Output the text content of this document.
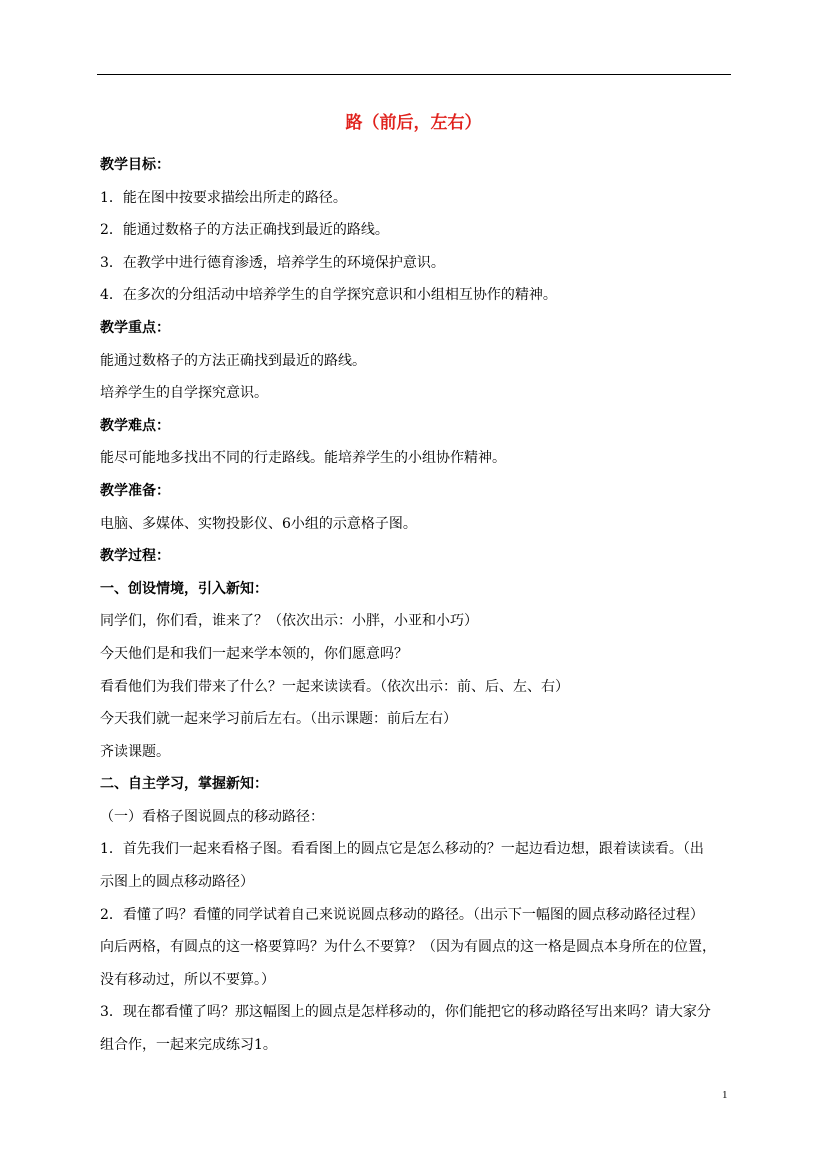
路（前后，左右）
教学目标：
1．能在图中按要求描绘出所走的路径。
2．能通过数格子的方法正确找到最近的路线。
3．在教学中进行德育渗透，培养学生的环境保护意识。
4．在多次的分组活动中培养学生的自学探究意识和小组相互协作的精神。
教学重点：
能通过数格子的方法正确找到最近的路线。
培养学生的自学探究意识。
教学难点：
能尽可能地多找出不同的行走路线。能培养学生的小组协作精神。
教学准备：
电脑、多媒体、实物投影仪、6小组的示意格子图。
教学过程：
一、创设情境，引入新知：
同学们，你们看，谁来了？（依次出示：小胖，小亚和小巧）
今天他们是和我们一起来学本领的，你们愿意吗？
看看他们为我们带来了什么？一起来读读看。（依次出示：前、后、左、右）
今天我们就一起来学习前后左右。（出示课题：前后左右）
齐读课题。
二、自主学习，掌握新知：
（一）看格子图说圆点的移动路径：
1．首先我们一起来看格子图。看看图上的圆点它是怎么移动的？一起边看边想，跟着读读看。（出
示图上的圆点移动路径）
2．看懂了吗？看懂的同学试着自己来说说圆点移动的路径。（出示下一幅图的圆点移动路径过程）
向后两格，有圆点的这一格要算吗？为什么不要算？（因为有圆点的这一格是圆点本身所在的位置，
没有移动过，所以不要算。）
3．现在都看懂了吗？那这幅图上的圆点是怎样移动的，你们能把它的移动路径写出来吗？请大家分
组合作，一起来完成练习1。
1
